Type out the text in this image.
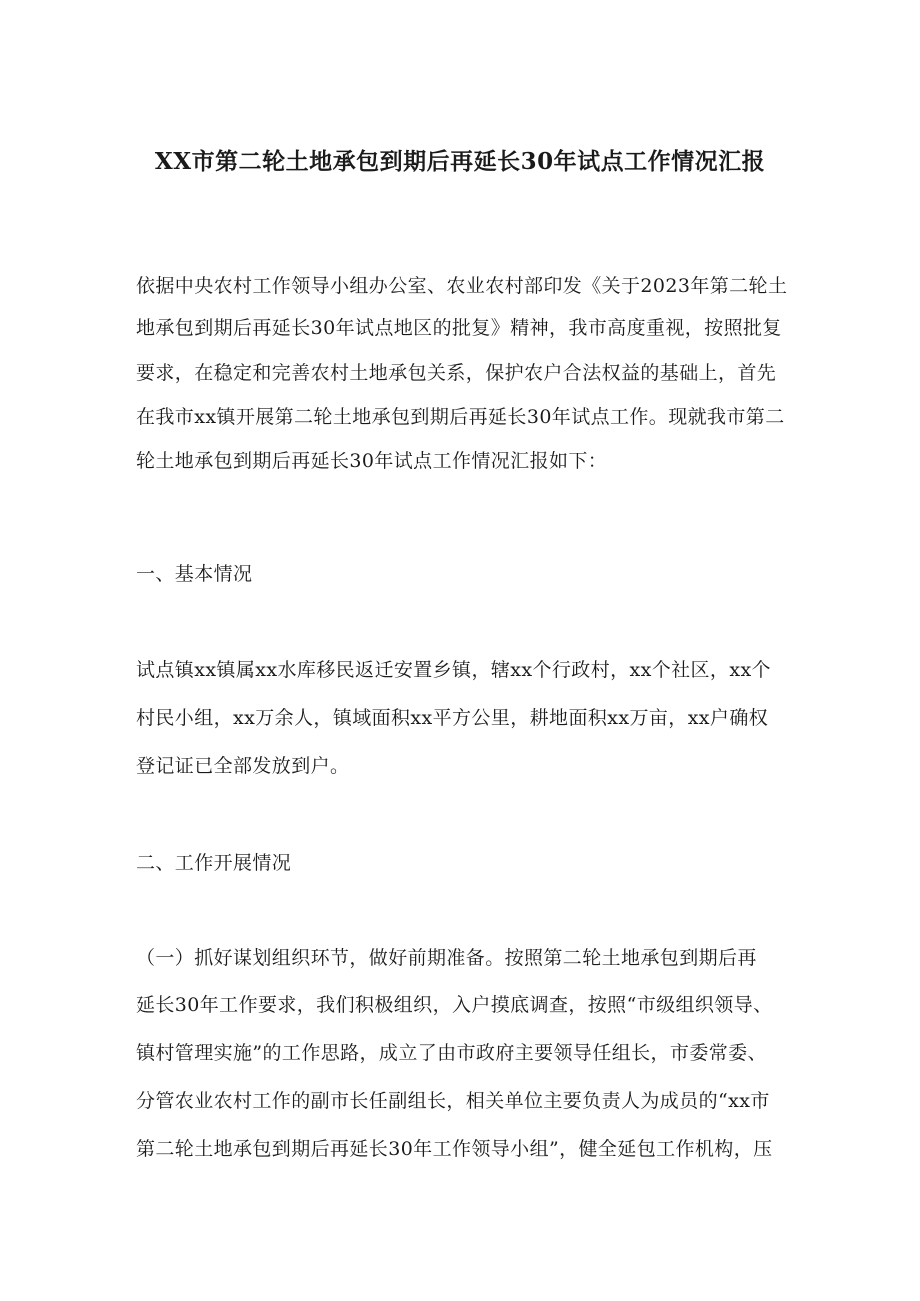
XX市第二轮土地承包到期后再延长30年试点工作情况汇报
依据中央农村工作领导小组办公室、农业农村部印发《关于2023年第二轮土
地承包到期后再延长30年试点地区的批复》精神，我市高度重视，按照批复
要求，在稳定和完善农村土地承包关系，保护农户合法权益的基础上，首先
在我市xx镇开展第二轮土地承包到期后再延长30年试点工作。现就我市第二
轮土地承包到期后再延长30年试点工作情况汇报如下：
一、基本情况
试点镇xx镇属xx水库移民返迁安置乡镇，辖xx个行政村，xx个社区，xx个
村民小组，xx万余人，镇域面积xx平方公里，耕地面积xx万亩，xx户确权
登记证已全部发放到户。
二、工作开展情况
（一）抓好谋划组织环节，做好前期准备。按照第二轮土地承包到期后再
延长30年工作要求，我们积极组织，入户摸底调查，按照“市级组织领导、
镇村管理实施”的工作思路，成立了由市政府主要领导任组长，市委常委、
分管农业农村工作的副市长任副组长，相关单位主要负责人为成员的“xx市
第二轮土地承包到期后再延长30年工作领导小组”，健全延包工作机构，压
